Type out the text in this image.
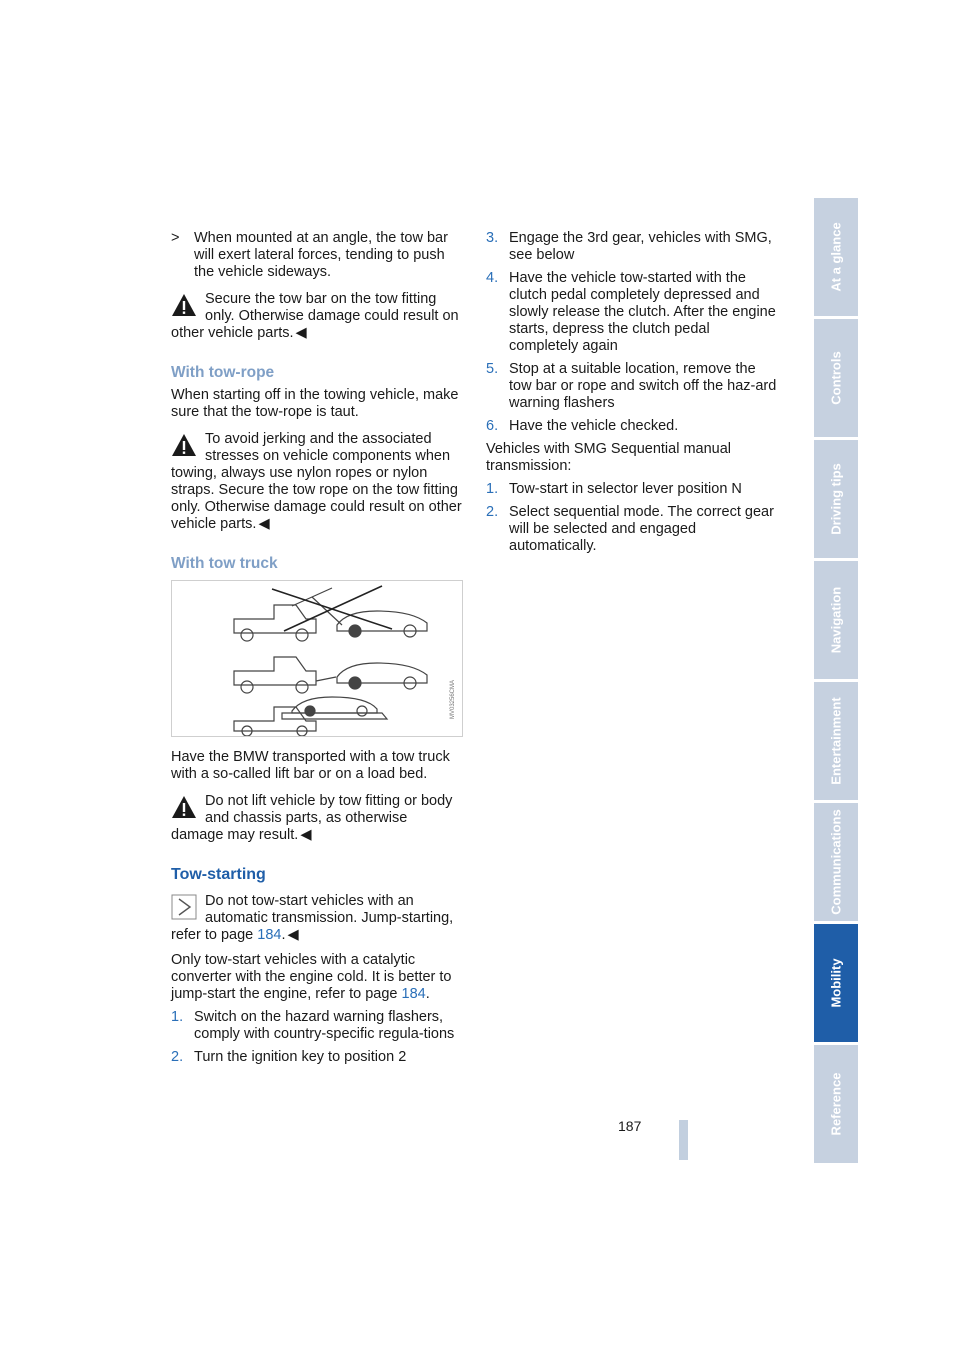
> When mounted at an angle, the tow bar will exert lateral forces, tending to push the vehicle sideways.
Secure the tow bar on the tow fitting only. Otherwise damage could result on other vehicle parts. ◀
With tow-rope

When starting off in the towing vehicle, make sure that the tow-rope is taut.

To avoid jerking and the associated stresses on vehicle components when towing, always use nylon ropes or nylon straps. Secure the tow rope on the tow fitting only. Otherwise damage could result on other vehicle parts. ◀
With tow truck
MV03256CMA

Have the BMW transported with a tow truck with a so-called lift bar or on a load bed.

Do not lift vehicle by tow fitting or body and chassis parts, as otherwise damage may result. ◀
Tow-starting
Do not tow-start vehicles with an automatic transmission. Jump-starting, refer to page 184. ◀

Only tow-start vehicles with a catalytic converter with the engine cold. It is better to jump-start the engine, refer to page 184.

1. Switch on the hazard warning flashers, comply with country-specific regula-tions
2. Turn the ignition key to position 2
3. Engage the 3rd gear, vehicles with SMG, see below
4. Have the vehicle tow-started with the clutch pedal completely depressed and slowly release the clutch. After the engine starts, depress the clutch pedal completely again
5. Stop at a suitable location, remove the tow bar or rope and switch off the haz-ard warning flashers
6. Have the vehicle checked.

Vehicles with SMG Sequential manual transmission:

1. Tow-start in selector lever position N
2. Select sequential mode. The correct gear will be selected and engaged automatically.
187
At a glance
Controls
Driving tips
Navigation
Entertainment
Communications
Mobility
Reference
